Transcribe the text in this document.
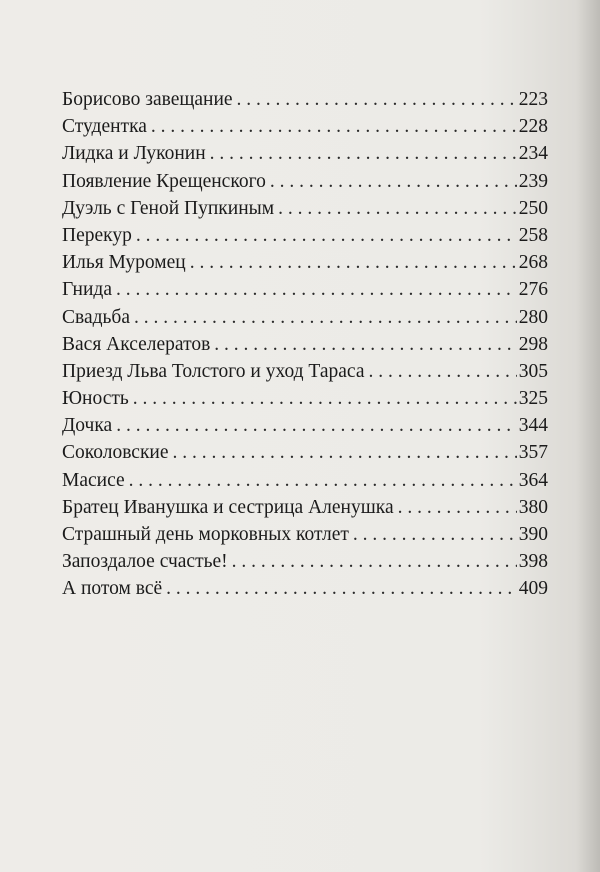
Борисово завещание . . .	223
Студентка . . .	228
Лидка и Луконин . . .	234
Появление Крещенского . . .	239
Дуэль с Геной Пупкиным . . .	250
Перекур . . .	258
Илья Муромец . . .	268
Гнида . . .	276
Свадьба . . .	280
Вася Акселератов . . .	298
Приезд Льва Толстого и уход Тараса . . .	305
Юность . . .	325
Дочка . . .	344
Соколовские . . .	357
Масисе . . .	364
Братец Иванушка и сестрица Аленушка . . .	380
Страшный день морковных котлет . . .	390
Запоздалое счастье! . . .	398
А потом всё . . .	409
